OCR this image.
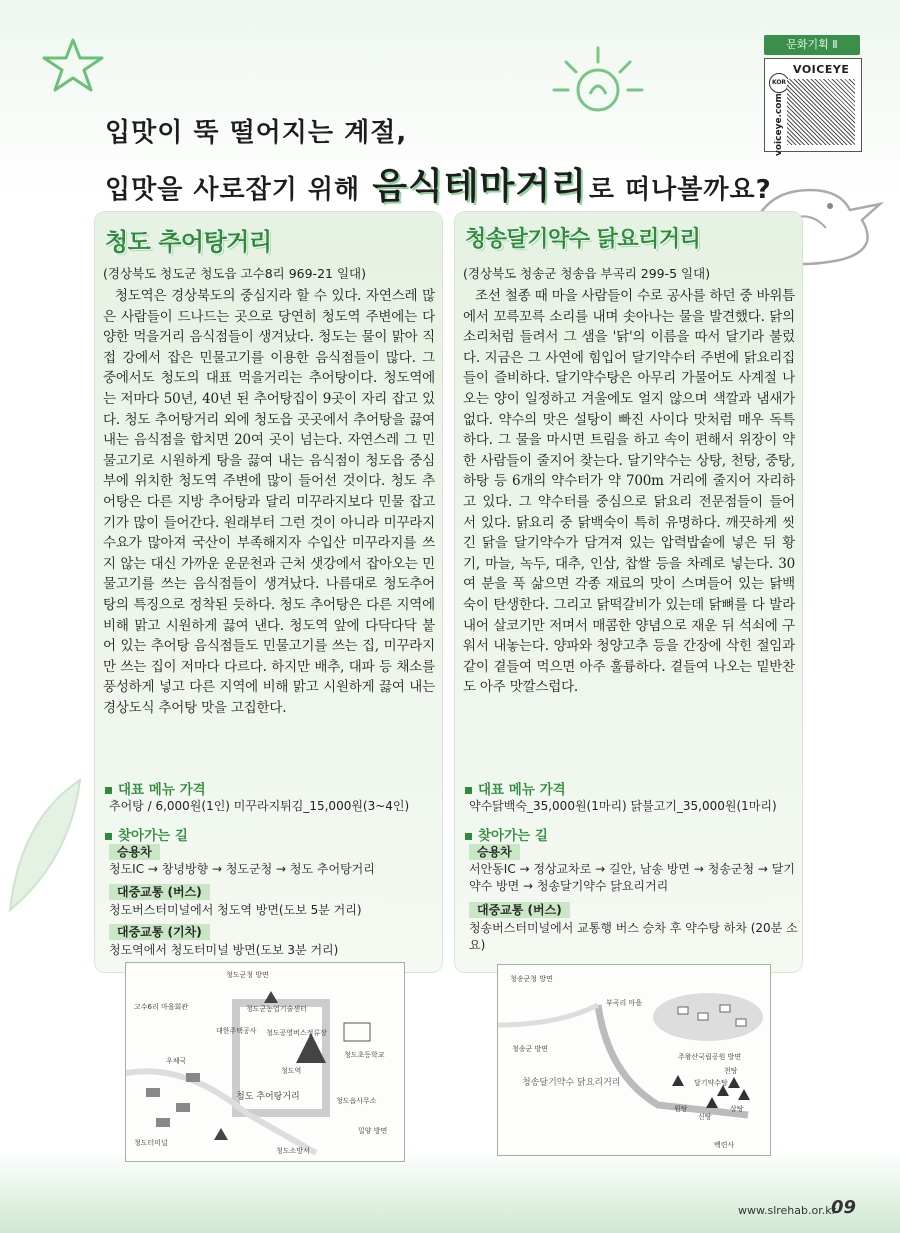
문화기획 Ⅱ
VOICEYE
KOR
voiceye.com
입맛이 뚝 떨어지는 계절,
입맛을 사로잡기 위해 음식테마거리로 떠나볼까요?
청도 추어탕거리
(경상북도 청도군 청도읍 고수8리 969-21 일대)

청도역은 경상북도의 중심지라 할 수 있다. 자연스레 많은 사람들이 드나드는 곳으로 당연히 청도역 주변에는 다양한 먹을거리 음식점들이 생겨났다. 청도는 물이 맑아 직접 강에서 잡은 민물고기를 이용한 음식점들이 많다. 그 중에서도 청도의 대표 먹을거리는 추어탕이다. 청도역에는 저마다 50년, 40년 된 추어탕집이 9곳이 자리 잡고 있다. 청도 추어탕거리 외에 청도읍 곳곳에서 추어탕을 끓여 내는 음식점을 합치면 20여 곳이 넘는다. 자연스레 그 민물고기로 시원하게 탕을 끓여 내는 음식점이 청도읍 중심부에 위치한 청도역 주변에 많이 들어선 것이다. 청도 추어탕은 다른 지방 추어탕과 달리 미꾸라지보다 민물 잡고기가 많이 들어간다. 원래부터 그런 것이 아니라 미꾸라지 수요가 많아져 국산이 부족해지자 수입산 미꾸라지를 쓰지 않는 대신 가까운 운문천과 근처 샛강에서 잡아오는 민물고기를 쓰는 음식점들이 생겨났다. 나름대로 청도추어탕의 특징으로 정착된 듯하다. 청도 추어탕은 다른 지역에 비해 맑고 시원하게 끓여 낸다. 청도역 앞에 다닥다닥 붙어 있는 추어탕 음식점들도 민물고기를 쓰는 집, 미꾸라지만 쓰는 집이 저마다 다르다. 하지만 배추, 대파 등 채소를 풍성하게 넣고 다른 지역에 비해 맑고 시원하게 끓여 내는 경상도식 추어탕 맛을 고집한다.

대표 메뉴 가격
추어탕 / 6,000원(1인) 미꾸라지튀김_15,000원(3~4인)
찾아가는 길
승용차
청도IC → 창녕방향 → 청도군청 → 청도 추어탕거리
대중교통 (버스)
청도버스터미널에서 청도역 방면(도보 5분 거리)
대중교통 (기차)
청도역에서 청도터미널 방면(도보 3분 거리)
청도군청 방면
고수6리 마을회관	청도군농업기술센터
청도공영버스정류장
대한주택공사
청도역
청도 추어탕거리
우체국
청도초등학교
청도읍사무소
청도소방서
밀양 방면
청도터미널
청송달기약수 닭요리거리
(경상북도 청송군 청송읍 부곡리 299-5 일대)

조선 철종 때 마을 사람들이 수로 공사를 하던 중 바위틈에서 꼬륵꼬륵 소리를 내며 솟아나는 물을 발견했다. 닭의 소리처럼 들려서 그 샘을 '닭'의 이름을 따서 달기라 불렀다. 지금은 그 사연에 힘입어 달기약수터 주변에 닭요리집들이 즐비하다. 달기약수탕은 아무리 가물어도 사계절 나오는 양이 일정하고 겨울에도 얼지 않으며 색깔과 냄새가 없다. 약수의 맛은 설탕이 빠진 사이다 맛처럼 매우 독특하다. 그 물을 마시면 트림을 하고 속이 편해서 위장이 약한 사람들이 줄지어 찾는다. 달기약수는 상탕, 천탕, 중탕, 하탕 등 6개의 약수터가 약 700m 거리에 줄지어 자리하고 있다. 그 약수터를 중심으로 닭요리 전문점들이 들어 서 있다. 닭요리 중 닭백숙이 특히 유명하다. 깨끗하게 씻긴 닭을 달기약수가 담겨져 있는 압력밥솥에 넣은 뒤 황기, 마늘, 녹두, 대추, 인삼, 찹쌀 등을 차례로 넣는다. 30여 분을 푹 삶으면 각종 재료의 맛이 스며들어 있는 닭백숙이 탄생한다. 그리고 닭떡갈비가 있는데 닭뼈를 다 발라내어 살코기만 저며서 매콤한 양념으로 재운 뒤 석쇠에 구워서 내놓는다. 양파와 청양고추 등을 간장에 삭힌 절임과 같이 곁들여 먹으면 아주 훌륭하다. 곁들여 나오는 밑반찬도 아주 맛깔스럽다.

대표 메뉴 가격
약수닭백숙_35,000원(1마리) 닭불고기_35,000원(1마리)
찾아가는 길
승용차
서안동IC → 정상교차로 → 길안, 남송 방면 → 청송군청 → 달기약수 방면 → 청송달기약수 닭요리거리
대중교통 (버스)
청송버스터미널에서 교통행 버스 승차 후 약수탕 하차 (20분 소요)
청송군청 방면
부곡리 마을
청송군 방면
청송달기약수 닭요리거리
주왕산국립공원 방면
달기약수탕
천탕
상탕
원탕
신탕
백련사
www.slrehab.or.kr
09
